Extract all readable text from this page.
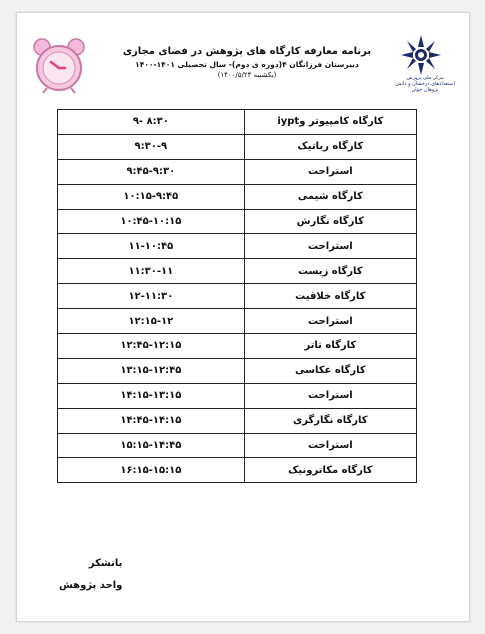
برنامه معارفه کارگاه های پژوهش در فضای مجازی
دبیرستان فرزانگان ۴(دوره ی دوم)- سال تحصیلی ۱۴۰۱-۱۴۰۰
(یکشنبه ۱۴۰۰/۵/۲۴)	مرکز ملی پرورش استعدادهای درخشان و دانش پژوهان جوان
۹- ۸:۳۰	کارگاه کامپیوتر وiypt
۹:۳۰-۹	کارگاه رباتیک
۹:۴۵-۹:۳۰	استراحت
۱۰:۱۵-۹:۴۵	کارگاه شیمی
۱۰:۴۵-۱۰:۱۵	کارگاه نگارش
۱۱-۱۰:۴۵	استراحت
۱۱:۳۰-۱۱	کارگاه زیست
۱۲-۱۱:۳۰	کارگاه خلاقیت
۱۲:۱۵-۱۲	استراحت
۱۲:۴۵-۱۲:۱۵	کارگاه تاتر
۱۳:۱۵-۱۲:۴۵	کارگاه عکاسی
۱۴:۱۵-۱۳:۱۵	استراحت
۱۴:۴۵-۱۴:۱۵	کارگاه نگارگری
۱۵:۱۵-۱۴:۴۵	استراحت
۱۶:۱۵-۱۵:۱۵	کارگاه مکاترونیک
باتشکر
واحد پژوهش
